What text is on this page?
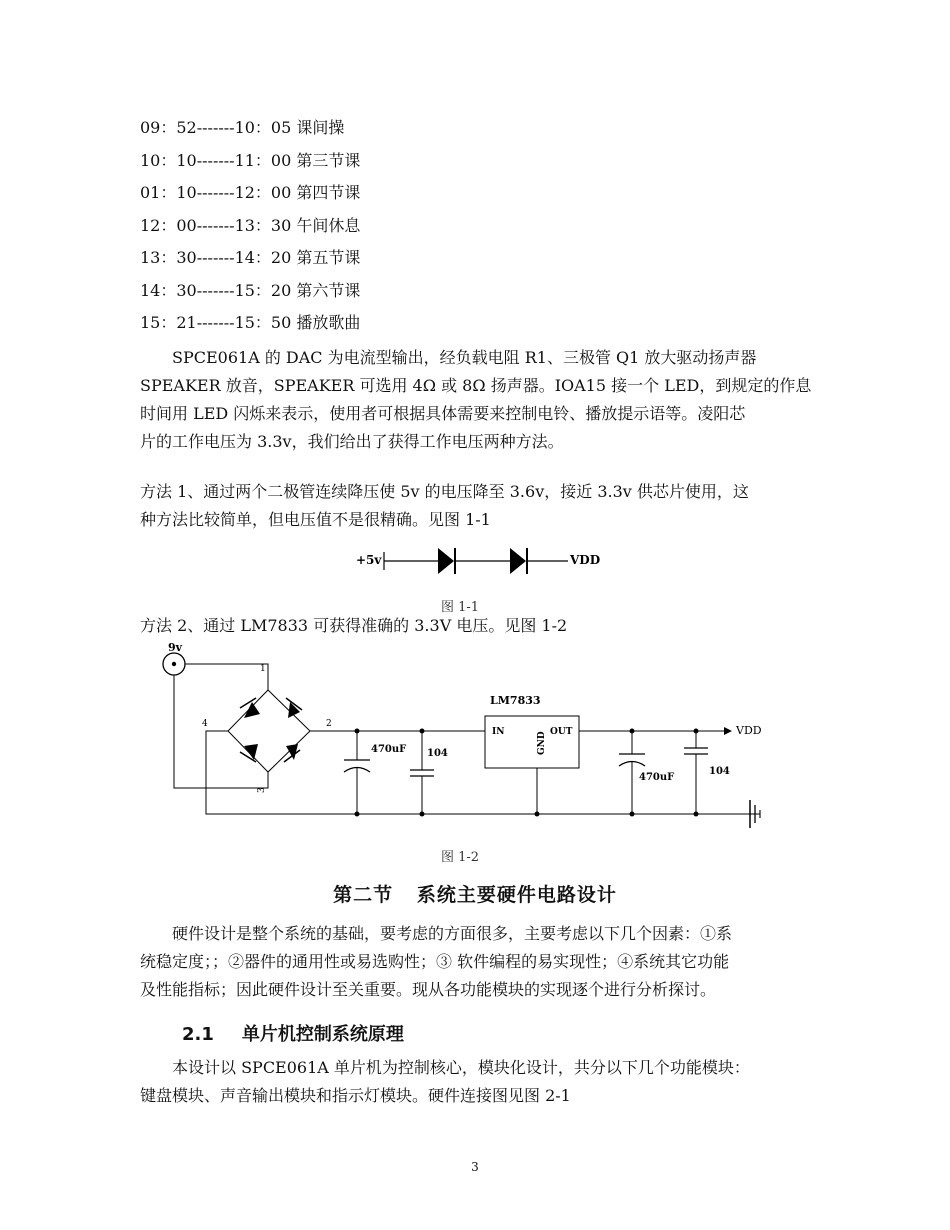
09：52-------10：05 课间操
10：10-------11：00 第三节课
01：10-------12：00 第四节课
12：00-------13：30 午间休息
13：30-------14：20 第五节课
14：30-------15：20 第六节课
15：21-------15：50 播放歌曲
SPCE061A 的 DAC 为电流型输出，经负载电阻 R1、三极管 Q1 放大驱动扬声器
SPEAKER 放音，SPEAKER 可选用 4Ω 或 8Ω 扬声器。IOA15 接一个 LED，到规定的作息
时间用 LED 闪烁来表示，使用者可根据具体需要来控制电铃、播放提示语等。凌阳芯
片的工作电压为 3.3v，我们给出了获得工作电压两种方法。
方法 1、通过两个二极管连续降压使 5v 的电压降至 3.6v，接近 3.3v 供芯片使用，这
种方法比较简单，但电压值不是很精确。见图 1-1
+5v	VDD
图 1-1
方法 2、通过 LM7833 可获得准确的 3.3V 电压。见图 1-2
9v
1
3
4	2
470uF 104
LM7833
IN	OUT
GND
VDD
470uF
104
图 1-2
第二节 系统主要硬件电路设计
硬件设计是整个系统的基础，要考虑的方面很多，主要考虑以下几个因素：①系
统稳定度；；②器件的通用性或易选购性；③ 软件编程的易实现性；④系统其它功能
及性能指标；因此硬件设计至关重要。现从各功能模块的实现逐个进行分析探讨。
2.1 单片机控制系统原理
本设计以 SPCE061A 单片机为控制核心，模块化设计，共分以下几个功能模块：
键盘模块、声音输出模块和指示灯模块。硬件连接图见图 2-1
3
